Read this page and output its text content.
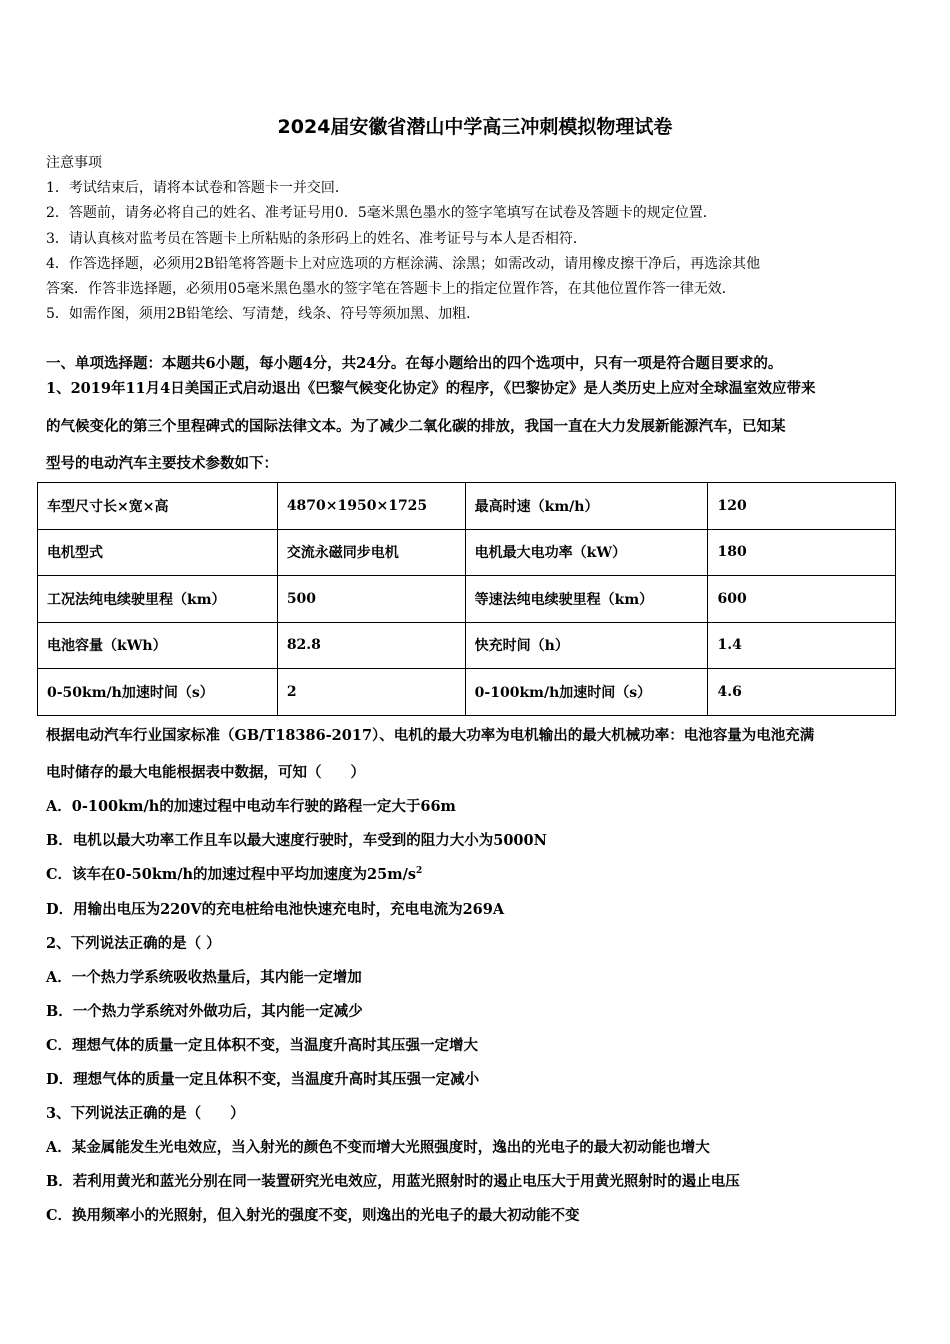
2024届安徽省潜山中学高三冲刺模拟物理试卷
注意事项
1．考试结束后，请将本试卷和答题卡一并交回．
2．答题前，请务必将自己的姓名、准考证号用0．5毫米黑色墨水的签字笔填写在试卷及答题卡的规定位置．
3．请认真核对监考员在答题卡上所粘贴的条形码上的姓名、准考证号与本人是否相符．
4．作答选择题，必须用2B铅笔将答题卡上对应选项的方框涂满、涂黑；如需改动，请用橡皮擦干净后，再选涂其他
答案．作答非选择题，必须用05毫米黑色墨水的签字笔在答题卡上的指定位置作答，在其他位置作答一律无效．
5．如需作图，须用2B铅笔绘、写清楚，线条、符号等须加黑、加粗．
一、单项选择题：本题共6小题，每小题4分，共24分。在每小题给出的四个选项中，只有一项是符合题目要求的。
1、2019年11月4日美国正式启动退出《巴黎气候变化协定》的程序，《巴黎协定》是人类历史上应对全球温室效应带来
的气候变化的第三个里程碑式的国际法律文本。为了减少二氧化碳的排放，我国一直在大力发展新能源汽车，已知某
型号的电动汽车主要技术参数如下：
车型尺寸长×宽×高	4870×1950×1725	最高时速（km/h）	120
电机型式	交流永磁同步电机	电机最大电功率（kW）	180
工况法纯电续驶里程（km）	500	等速法纯电续驶里程（km）	600
电池容量（kWh）	82.8	快充时间（h）	1.4
0-50km/h加速时间（s）	2	0-100km/h加速时间（s）	4.6
根据电动汽车行业国家标准（GB/T18386-2017）、电机的最大功率为电机输出的最大机械功率：电池容量为电池充满
电时储存的最大电能根据表中数据，可知（　　）
A．0-100km/h的加速过程中电动车行驶的路程一定大于66m
B．电机以最大功率工作且车以最大速度行驶时，车受到的阻力大小为5000N
C．该车在0-50km/h的加速过程中平均加速度为$25m/s^2$
D．用输出电压为220V的充电桩给电池快速充电时，充电电流为269A
2、下列说法正确的是（ ）
A．一个热力学系统吸收热量后，其内能一定增加
B．一个热力学系统对外做功后，其内能一定减少
C．理想气体的质量一定且体积不变，当温度升高时其压强一定增大
D．理想气体的质量一定且体积不变，当温度升高时其压强一定减小
3、下列说法正确的是（　　）
A．某金属能发生光电效应，当入射光的颜色不变而增大光照强度时，逸出的光电子的最大初动能也增大
B．若利用黄光和蓝光分别在同一装置研究光电效应，用蓝光照射时的遏止电压大于用黄光照射时的遏止电压
C．换用频率小的光照射，但入射光的强度不变，则逸出的光电子的最大初动能不变
